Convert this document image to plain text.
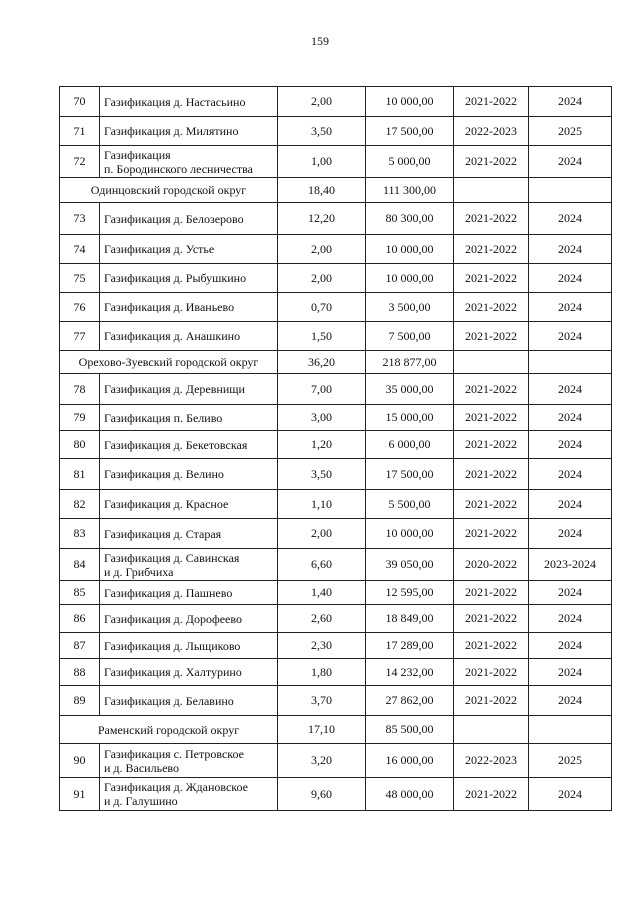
159
70	Газификация д. Настасьино	2,00	10 000,00	2021-2022	2024
71	Газификация д. Милятино	3,50	17 500,00	2022-2023	2025
72	Газификация
п. Бородинского лесничества	1,00	5 000,00	2021-2022	2024
Одинцовский городской округ		18,40	111 300,00		
73	Газификация д. Белозерово	12,20	80 300,00	2021-2022	2024
74	Газификация д. Устье	2,00	10 000,00	2021-2022	2024
75	Газификация д. Рыбушкино	2,00	10 000,00	2021-2022	2024
76	Газификация д. Иваньево	0,70	3 500,00	2021-2022	2024
77	Газификация д. Анашкино	1,50	7 500,00	2021-2022	2024
Орехово-Зуевский городской округ		36,20	218 877,00		
78	Газификация д. Деревнищи	7,00	35 000,00	2021-2022	2024
79	Газификация п. Беливо	3,00	15 000,00	2021-2022	2024
80	Газификация д. Бекетовская	1,20	6 000,00	2021-2022	2024
81	Газификация д. Велино	3,50	17 500,00	2021-2022	2024
82	Газификация д. Красное	1,10	5 500,00	2021-2022	2024
83	Газификация д. Старая	2,00	10 000,00	2021-2022	2024
84	Газификация д. Савинская
и д. Грибчиха	6,60	39 050,00	2020-2022	2023-2024
85	Газификация д. Пашнево	1,40	12 595,00	2021-2022	2024
86	Газификация д. Дорофеево	2,60	18 849,00	2021-2022	2024
87	Газификация д. Лыщиково	2,30	17 289,00	2021-2022	2024
88	Газификация д. Халтурино	1,80	14 232,00	2021-2022	2024
89	Газификация д. Белавино	3,70	27 862,00	2021-2022	2024
Раменский городской округ		17,10	85 500,00		
90	Газификация с. Петровское
и д. Васильево	3,20	16 000,00	2022-2023	2025
91	Газификация д. Ждановское
и д. Галушино	9,60	48 000,00	2021-2022	2024
